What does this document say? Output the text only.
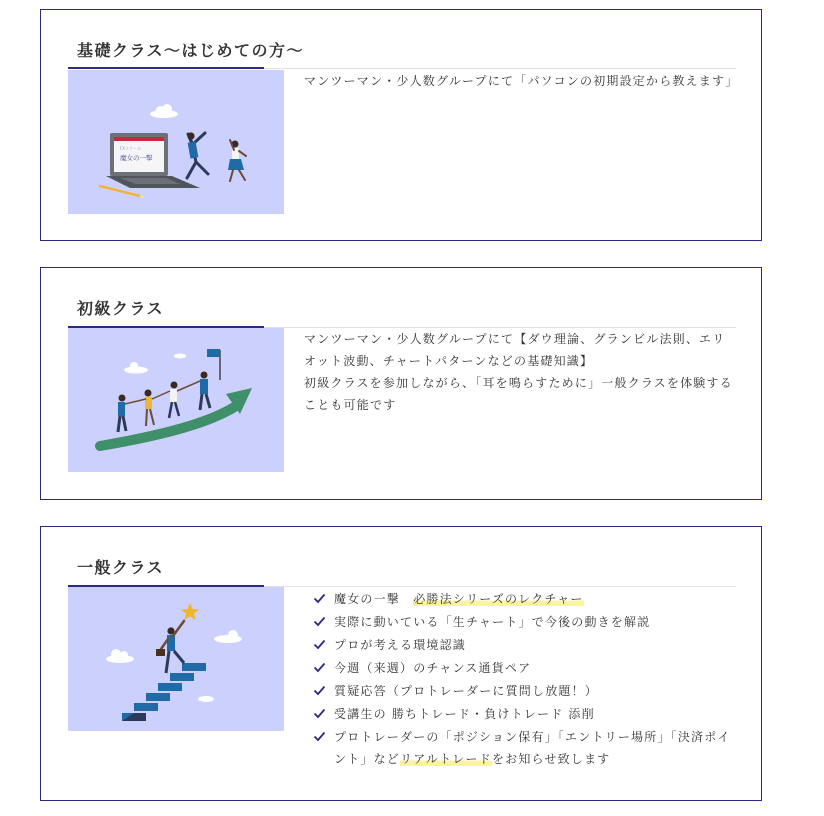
基礎クラス～はじめての方～
FXスクール
魔女の一撃

マンツーマン・少人数グループにて「パソコンの初期設定から教えます」

初級クラス

マンツーマン・少人数グループにて【ダウ理論、グランビル法則、エリオット波動、チャートパターンなどの基礎知識】

初級クラスを参加しながら、「耳を鳴らすために」一般クラスを体験することも可能です

一般クラス
魔女の一撃　必勝法シリーズのレクチャー
実際に動いている「生チャート」で今後の動きを解説
プロが考える環境認識
今週（来週）のチャンス通貨ペア
質疑応答（プロトレーダーに質問し放題！）
受講生の 勝ちトレード・負けトレード 添削
プロトレーダーの「ポジション保有」「エントリー場所」「決済ポイント」などリアルトレードをお知らせ致します
